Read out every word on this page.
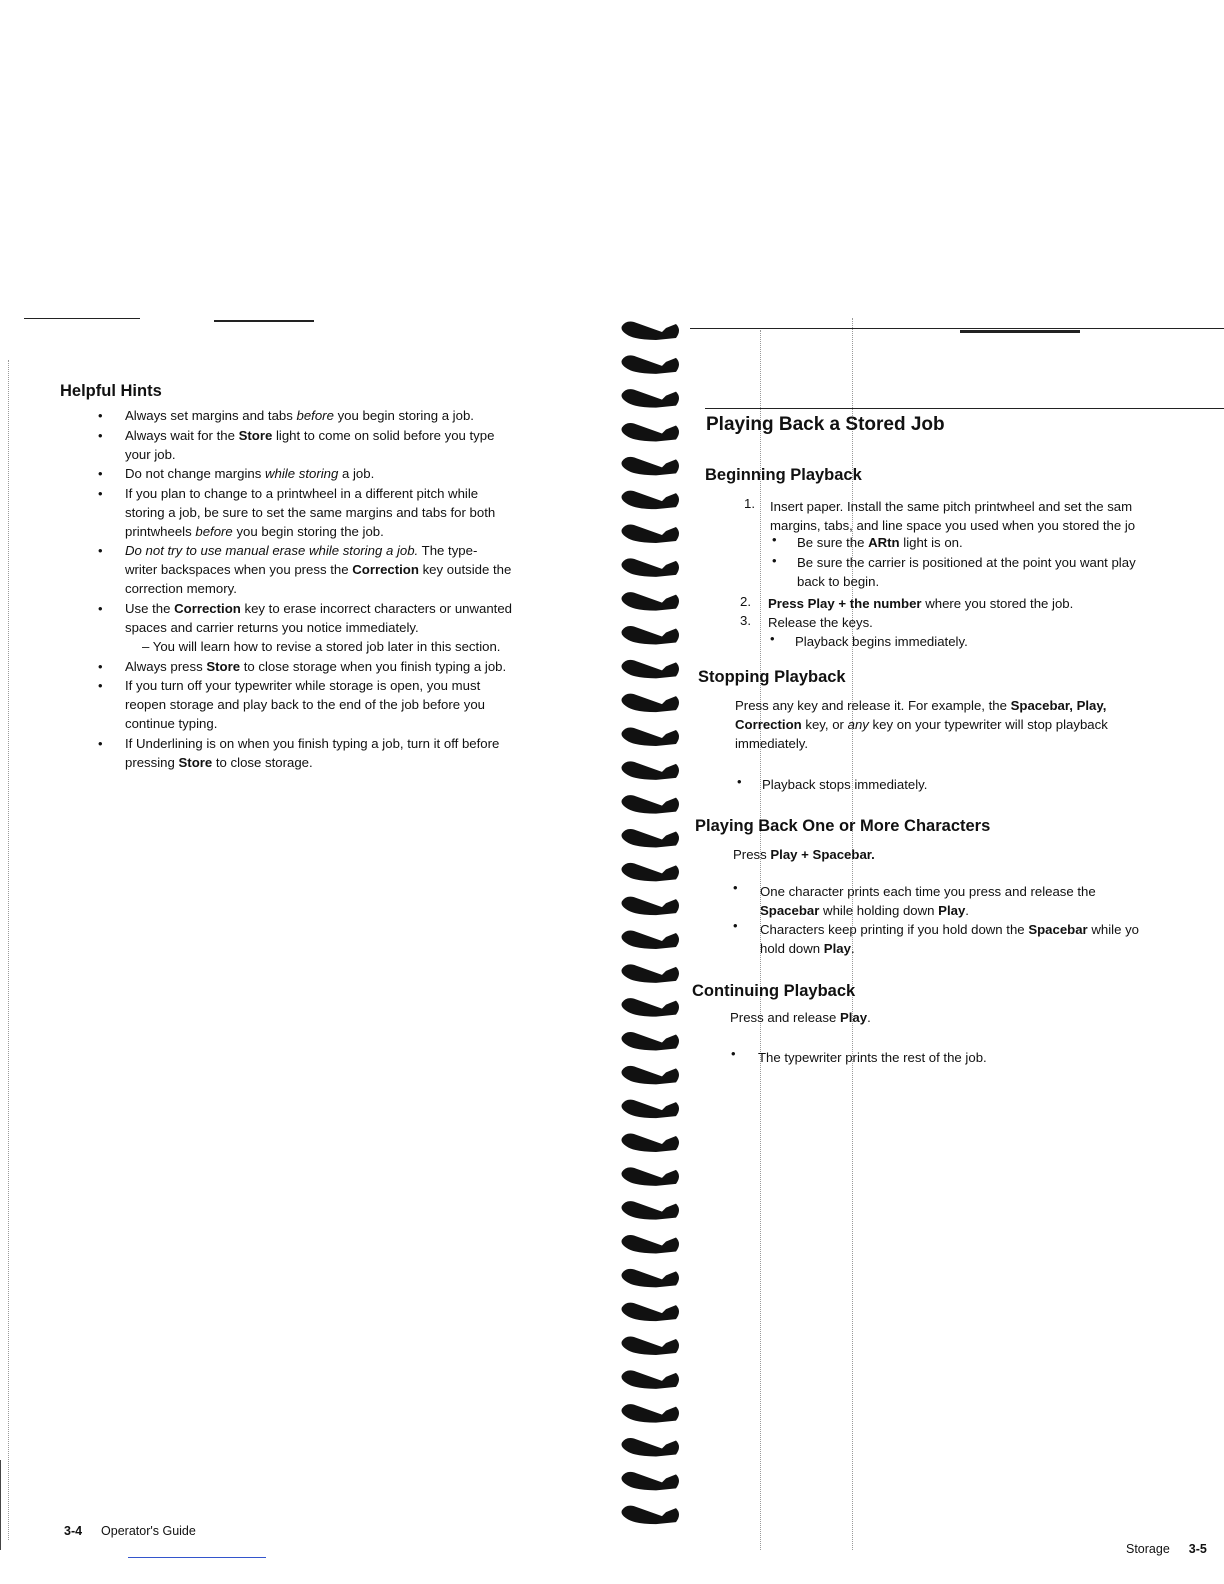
Helpful Hints
• Always set margins and tabs before you begin storing a job.
• Always wait for the Store light to come on solid before you type
your job.
• Do not change margins while storing a job.
• If you plan to change to a printwheel in a different pitch while
storing a job, be sure to set the same margins and tabs for both
printwheels before you begin storing the job.
• Do not try to use manual erase while storing a job. The type-
writer backspaces when you press the Correction key outside the
correction memory.
• Use the Correction key to erase incorrect characters or unwanted
spaces and carrier returns you notice immediately.
– You will learn how to revise a stored job later in this section.
• Always press Store to close storage when you finish typing a job.
• If you turn off your typewriter while storage is open, you must
reopen storage and play back to the end of the job before you
continue typing.
• If Underlining is on when you finish typing a job, turn it off before
pressing Store to close storage.
3-4 Operator's Guide
Playing Back a Stored Job
Beginning Playback
1. Insert paper. Install the same pitch printwheel and set the sam
margins, tabs, and line space you used when you stored the jo
• Be sure the ARtn light is on.
• Be sure the carrier is positioned at the point you want play
back to begin.
2. Press Play + the number where you stored the job.
3. Release the keys.
• Playback begins immediately.
Stopping Playback
Press any key and release it. For example, the Spacebar, Play,
Correction key, or any key on your typewriter will stop playback
immediately.
• Playback stops immediately.
Playing Back One or More Characters
Press Play + Spacebar.
• One character prints each time you press and release the
Spacebar while holding down Play.
• Characters keep printing if you hold down the Spacebar while yo
hold down Play.
Continuing Playback
Press and release Play.
• The typewriter prints the rest of the job.
Storage 3-5
